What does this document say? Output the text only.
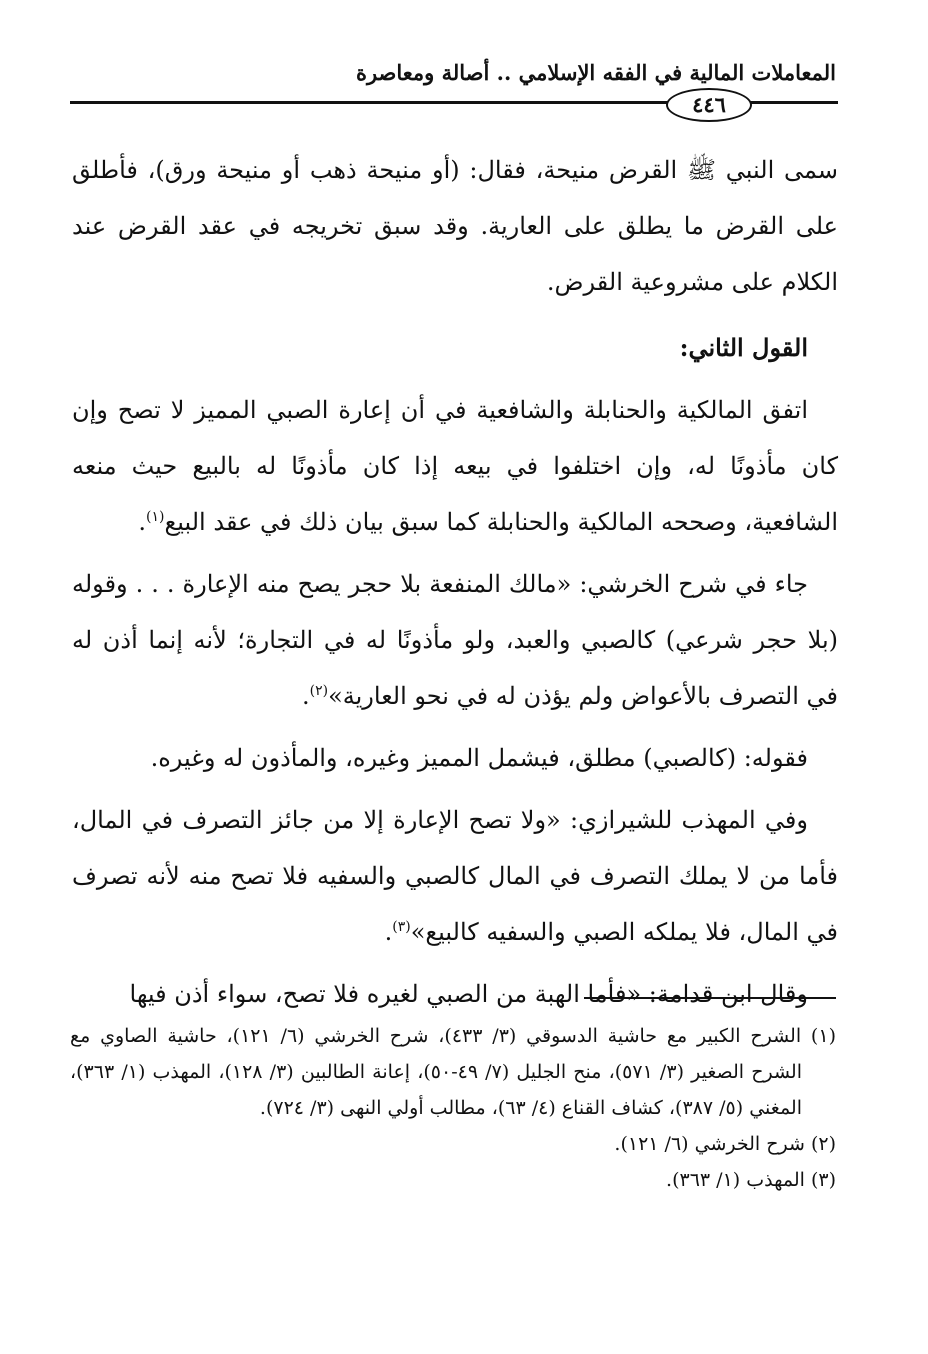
المعاملات المالية في الفقه الإسلامي .. أصالة ومعاصرة
٤٤٦

سمى النبي ﷺ القرض منيحة، فقال: (أو منيحة ذهب أو منيحة ورق)، فأطلق على القرض ما يطلق على العارية. وقد سبق تخريجه في عقد القرض عند الكلام على مشروعية القرض.

القول الثاني:

اتفق المالكية والحنابلة والشافعية في أن إعارة الصبي المميز لا تصح وإن كان مأذونًا له، وإن اختلفوا في بيعه إذا كان مأذونًا له بالبيع حيث منعه الشافعية، وصححه المالكية والحنابلة كما سبق بيان ذلك في عقد البيع$^{(١)}$.

جاء في شرح الخرشي: «مالك المنفعة بلا حجر يصح منه الإعارة . . . وقوله (بلا حجر شرعي) كالصبي والعبد، ولو مأذونًا له في التجارة؛ لأنه إنما أذن له في التصرف بالأعواض ولم يؤذن له في نحو العارية»$^{(٢)}$.

فقوله: (كالصبي) مطلق، فيشمل المميز وغيره، والمأذون له وغيره.

وفي المهذب للشيرازي: «ولا تصح الإعارة إلا من جائز التصرف في المال، فأما من لا يملك التصرف في المال كالصبي والسفيه فلا تصح منه لأنه تصرف في المال، فلا يملكه الصبي والسفيه كالبيع»$^{(٣)}$.

وقال ابن قدامة: «فأما الهبة من الصبي لغيره فلا تصح، سواء أذن فيها

(١) الشرح الكبير مع حاشية الدسوقي (٣/ ٤٣٣)، شرح الخرشي (٦/ ١٢١)، حاشية الصاوي مع الشرح الصغير (٣/ ٥٧١)، منح الجليل (٧/ ٤٩-٥٠)، إعانة الطالبين (٣/ ١٢٨)، المهذب (١/ ٣٦٣)، المغني (٥/ ٣٨٧)، كشاف القناع (٤/ ٦٣)، مطالب أولي النهى (٣/ ٧٢٤).

(٢) شرح الخرشي (٦/ ١٢١).

(٣) المهذب (١/ ٣٦٣).
